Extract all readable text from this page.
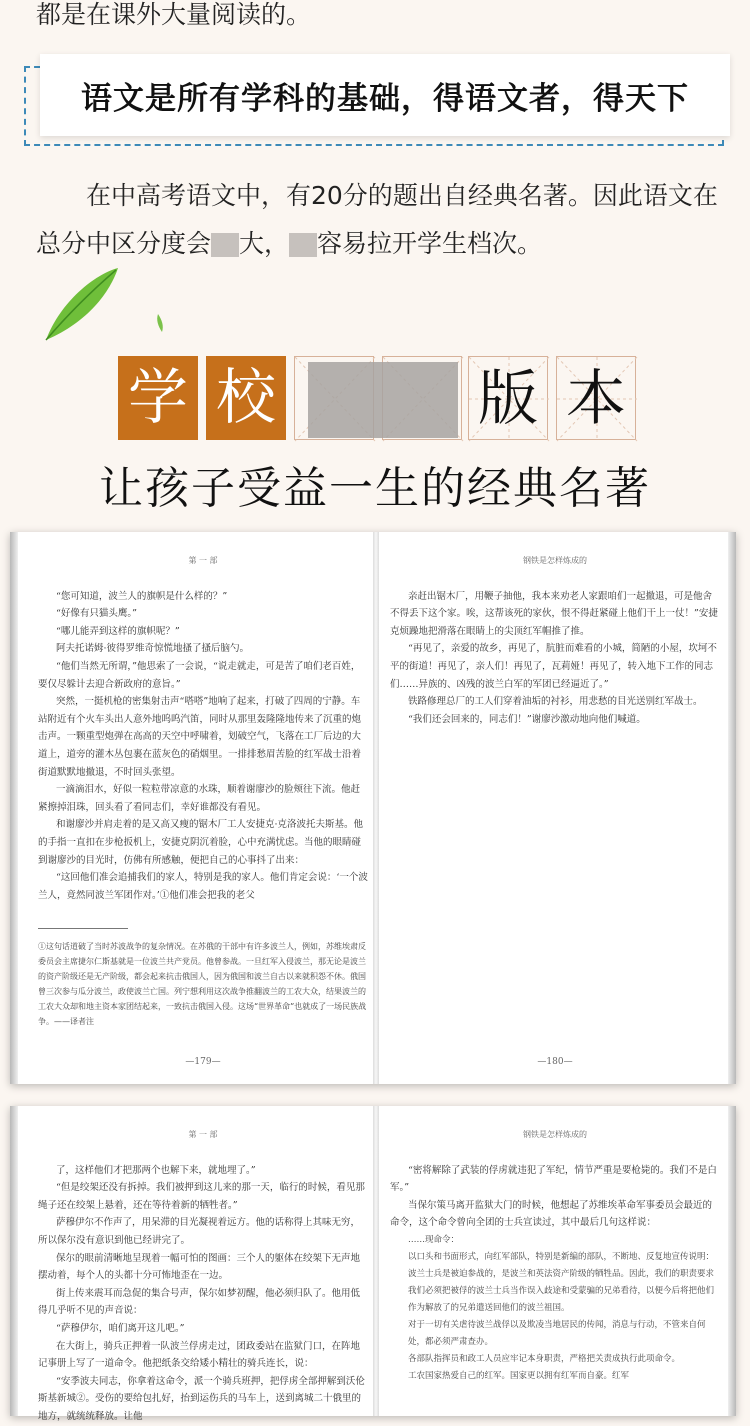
都是在课外大量阅读的。
语文是所有学科的基础，得语文者，得天下
在中高考语文中，有20分的题出自经典名著。因此语文在总分中区分度会 大， 容易拉开学生档次。
学 校	版 本
让孩子受益一生的经典名著
第 一 部

“您可知道，波兰人的旗帜是什么样的？”

“好像有只猫头鹰。”

“哪儿能弄到这样的旗帜呢？”

阿夫托诺姆·彼得罗维奇惊慌地搔了搔后脑勺。

“他们当然无所谓，”他思索了一会说，“说走就走，可是苦了咱们老百姓，要仅尽躲计去迎合新政府的意旨。”

突然，一挺机枪的密集射击声“嗒嗒”地响了起来，打破了四周的宁静。车站附近有个火车头出人意外地呜呜汽笛，同时从那里轰隆隆地传来了沉重的炮击声。一颗重型炮弹在高高的天空中呼啸着，划破空气，飞落在工厂后边的大道上，道旁的灌木丛包裹在蓝灰色的硝烟里。一排排愁眉苦脸的红军战士沿着街道默默地撤退，不时回头张望。

一滴滴泪水，好似一粒粒带凉意的水珠，顺着谢廖沙的脸颊往下流。他赶紧擦掉泪珠，回头看了看同志们，幸好谁都没有看见。

和谢廖沙并肩走着的是又高又瘦的锯木厂工人安捷克·克洛波托夫斯基。他的手指一直扣在步枪扳机上，安捷克阴沉着脸，心中充满忧虑。当他的眼睛碰到谢廖沙的目光时，仿佛有所感触，便把自己的心事抖了出来：

“这回他们准会追捕我们的家人，特别是我的家人。他们肯定会说：‘一个波兰人，竟然同波兰军团作对。’①他们准会把我的老父

①这句话道破了当时苏波战争的复杂情况。在苏俄的干部中有许多波兰人，例如，苏维埃肃反委员会主席捷尔仁斯基就是一位波兰共产党员。他曾参战。一旦红军入侵波兰，那无论是波兰的资产阶级还是无产阶级，都会起来抗击俄国人，因为俄国和波兰自古以来就积怨不休。俄国曾三次参与瓜分波兰，政使波兰亡国。列宁想利用这次战争推翻波兰的工农大众，结果波兰的工农大众却和地主资本家团结起来，一致抗击俄国入侵。这场“世界革命”也就成了一场民族战争。——译者注
—179—
钢铁是怎样炼成的

亲赶出锯木厂，用鞭子抽他，我本来劝老人家跟咱们一起撤退，可是他舍不得丢下这个家。唉，这帮该死的家伙，恨不得赶紧碰上他们干上一仗！”安捷克烦躁地把滑落在眼睛上的尖顶红军帽推了推。

“再见了，亲爱的故乡，再见了，肮脏而难看的小城，简陋的小屋，坎坷不平的街道！再见了，亲人们！再见了，瓦莉娅！再见了，转入地下工作的同志们……异族的、凶残的波兰白军的军团已经逼近了。”

铁路修理总厂的工人们穿着油垢的衬衫，用悲愁的目光送别红军战士。

“我们还会回来的，同志们！”谢廖沙激动地向他们喊道。

—180—
第 一 部

了，这样他们才把那两个也解下来，就地埋了。”

“但是绞架还没有拆掉。我们被押到这儿来的那一天，临行的时候，看见那绳子还在绞架上悬着，还在等待着新的牺牲者。”

萨穆伊尔不作声了，用呆滞的目光凝视着远方。他的话称得上其味无穷，所以保尔没有意识到他已经讲完了。

保尔的眼前清晰地呈现着一幅可怕的图画：三个人的躯体在绞架下无声地摆动着，每个人的头都十分可怖地歪在一边。

街上传来震耳而急促的集合号声，保尔如梦初醒，他必须归队了。他用低得几乎听不见的声音说：

“萨穆伊尔，咱们离开这儿吧。”

在大街上，骑兵正押着一队波兰俘虏走过，团政委站在监狱门口，在阵地记事册上写了一道命令。他把纸条交给矮小精壮的骑兵连长，说：

“安季波夫同志，你拿着这命令，派一个骑兵班押，把俘虏全部押解到沃伦斯基新城②。受伤的要给包扎好，抬到运伤兵的马车上，送到离城二十俄里的地方，就统统释放。让他

钢铁是怎样炼成的

“密将解除了武装的俘虏就违犯了军纪，情节严重是要枪毙的。我们不是白军。”

当保尔策马离开监狱大门的时候，他想起了苏维埃革命军事委员会最近的命令，这个命令曾向全团的士兵宣读过，其中最后几句这样说：

……现命令：

以口头和书面形式，向红军部队，特别是新编的部队，不断地、反复地宣传说明：波兰士兵是被迫参战的，是波兰和英法资产阶级的牺牲品。因此，我们的职责要求我们必须把被俘的波兰士兵当作误入歧途和受蒙骗的兄弟看待，以便今后将把他们作为解放了的兄弟遣送回他们的波兰祖国。

对于一切有关虐待波兰战俘以及欺凌当地居民的传闻，消息与行动，不管来自何处，都必须严肃查办。

各部队指挥员和政工人员应牢记本身职责，严格把关责成执行此项命令。

工农国家热爱自己的红军。国家更以拥有红军而自豪。红军
